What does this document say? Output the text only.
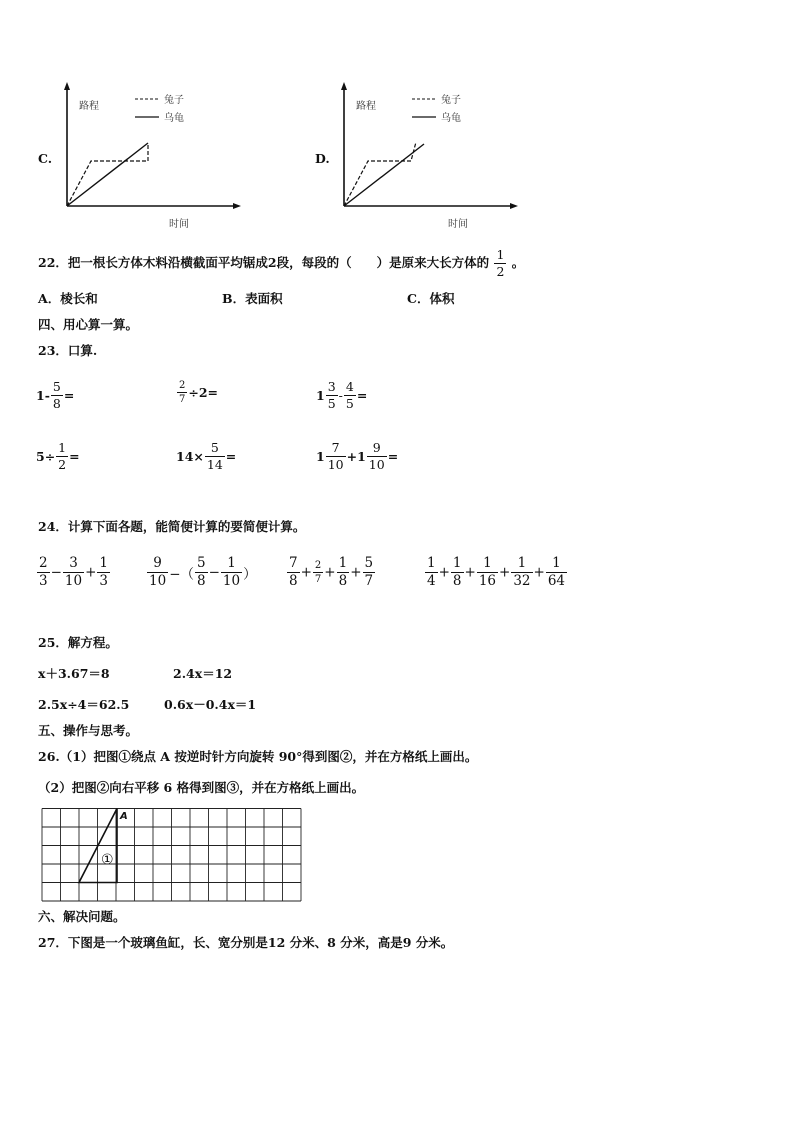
C.
路程
时间
兔子
乌龟
D.
路程
时间
兔子
乌龟
22．把一根长方体木料沿横截面平均锯成2段，每段的（　　）是原来大长方体的 $\frac{1}{2}$ 。
A．棱长和	B．表面积	C．体积
四、用心算一算。
23．口算.
$1- \frac{5}{8}$ =	$\frac{2}{7} \div 2=$	$1 \frac{3}{5} - \frac{4}{5}$ =
$5\div \frac{1}{2}$ =	$14\times \frac{5}{14}$ =	$1 \frac{7}{10} +1 \frac{9}{10}$ =
24．计算下面各题，能简便计算的要简便计算。
$\frac{2}{3} - \frac{3}{10} + \frac{1}{3}$	$\frac{9}{10}$ −（ $\frac{5}{8} - \frac{1}{10}$ ） $\frac{7}{8} + \frac{2}{7} + \frac{1}{8} + \frac{5}{7}$	$\frac{1}{4} + \frac{1}{8} + \frac{1}{16} + \frac{1}{32} + \frac{1}{64}$
25．解方程。
x＋3.67＝8	2.4x＝12
2.5x÷4＝62.5	0.6x－0.4x＝1
五、操作与思考。
26.（1）把图①绕点 A 按逆时针方向旋转 90°得到图②，并在方格纸上画出。
（2）把图②向右平移 6 格得到图③，并在方格纸上画出。
A
①
六、解决问题。
27．下图是一个玻璃鱼缸，长、宽分别是12 分米、8 分米，高是9 分米。
